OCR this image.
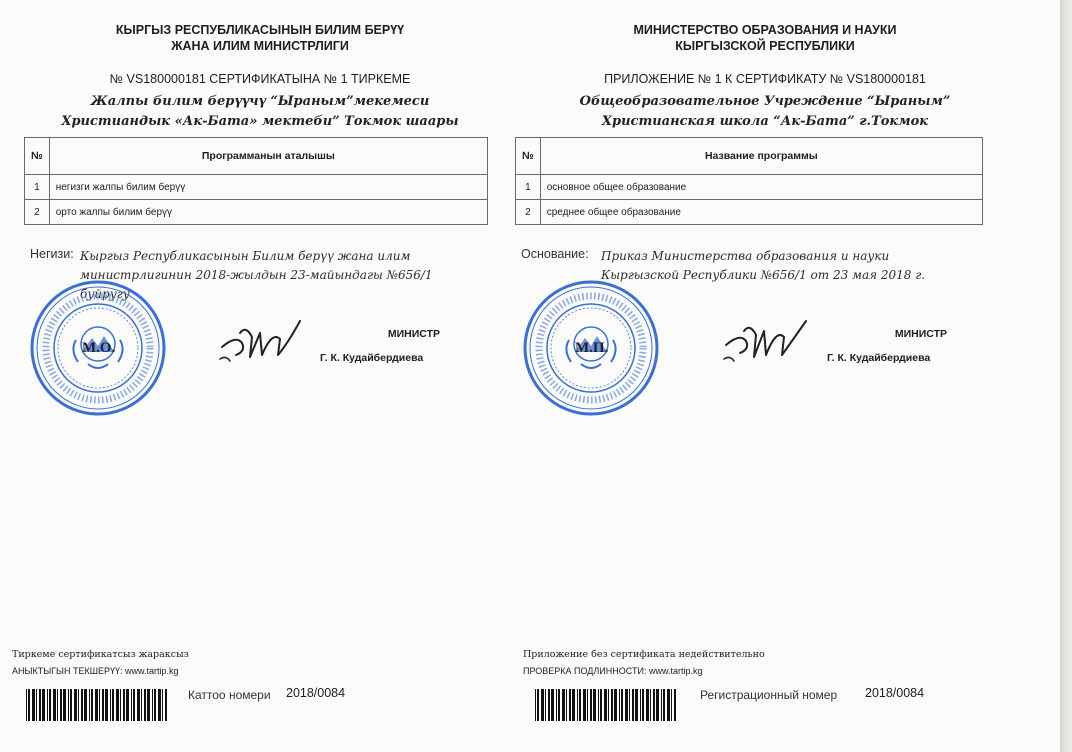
КЫРГЫЗ РЕСПУБЛИКАСЫНЫН БИЛИМ БЕРҮҮ
ЖАНА ИЛИМ МИНИСТРЛИГИ
№ VS180000181 СЕРТИФИКАТЫНА № 1 ТИРКЕМЕ
Жалпы билим берүүчү “Ыраным”мекемеси
Христиандык «Ак-Бата» мектеби” Токмок шаары
№	Программанын аталышы
1	негизги жалпы билим берүү
2	орто жалпы билим берүү
Негизи: Кыргыз Республикасынын Билим берүү жана илим министрлигинин 2018-жылдын 23-майындагы №656/1 буйругу
М.О.
МИНИСТР
Г. К. Кудайбердиева
Тиркеме сертификатсыз жараксыз
АНЫКТЫГЫН ТЕКШЕРҮҮ: www.tartip.kg
Каттоо номери 2018/0084
МИНИСТЕРСТВО ОБРАЗОВАНИЯ И НАУКИ
КЫРГЫЗСКОЙ РЕСПУБЛИКИ
ПРИЛОЖЕНИЕ № 1 К СЕРТИФИКАТУ № VS180000181
Общеобразовательное Учреждение “Ыраным”
Христианская школа “Ак-Бата” г.Токмок
№	Название программы
1	основное общее образование
2	среднее общее образование
Основание: Приказ Министерства образования и науки Кыргызской Республики №656/1 от 23 мая 2018 г.
М.П.
МИНИСТР
Г. К. Кудайбердиева
Приложение без сертификата недействительно
ПРОВЕРКА ПОДЛИННОСТИ: www.tartip.kg
Регистрационный номер 2018/0084
